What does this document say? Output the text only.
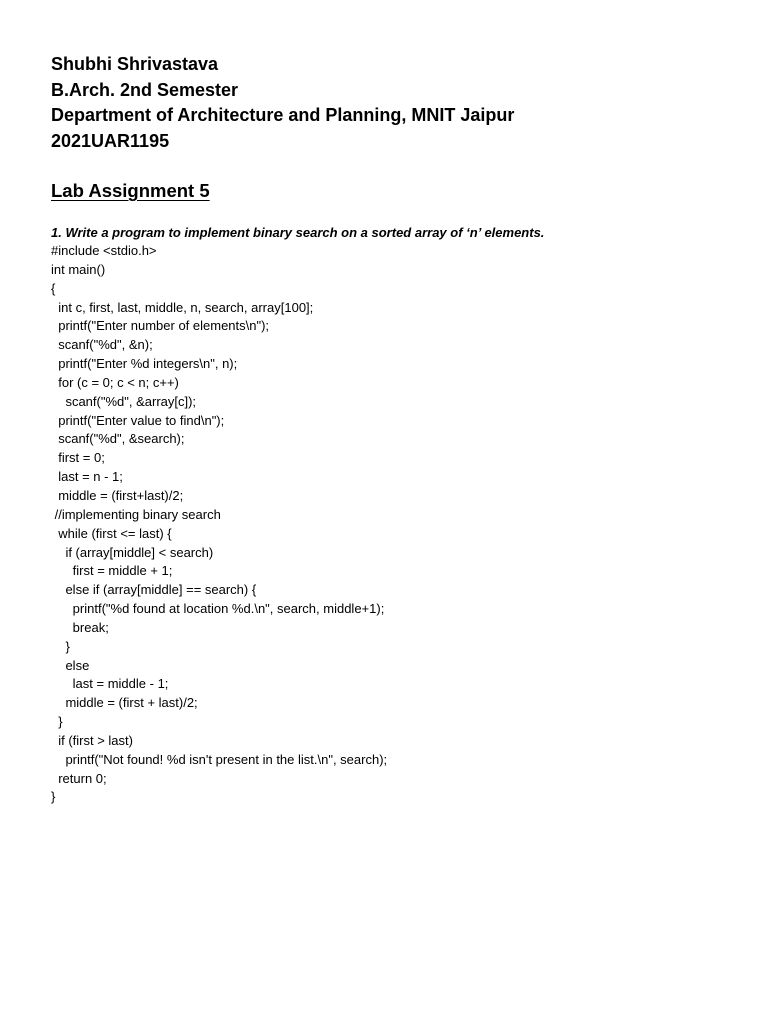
Shubhi Shrivastava
B.Arch. 2nd Semester
Department of Architecture and Planning, MNIT Jaipur
2021UAR1195
Lab Assignment 5
1. Write a program to implement binary search on a sorted array of ‘n’ elements.
#include <stdio.h>
int main()
{
int c, first, last, middle, n, search, array[100];
printf("Enter number of elements\n");
scanf("%d", &n);
printf("Enter %d integers\n", n);
for (c = 0; c < n; c++)
scanf("%d", &array[c]);
printf("Enter value to find\n");
scanf("%d", &search);
first = 0;
last = n - 1;
middle = (first+last)/2;
//implementing binary search
while (first <= last) {
if (array[middle] < search)
first = middle + 1;
else if (array[middle] == search) {
printf("%d found at location %d.\n", search, middle+1);
break;
}
else
last = middle - 1;
middle = (first + last)/2;
}
if (first > last)
printf("Not found! %d isn't present in the list.\n", search);
return 0;
}
